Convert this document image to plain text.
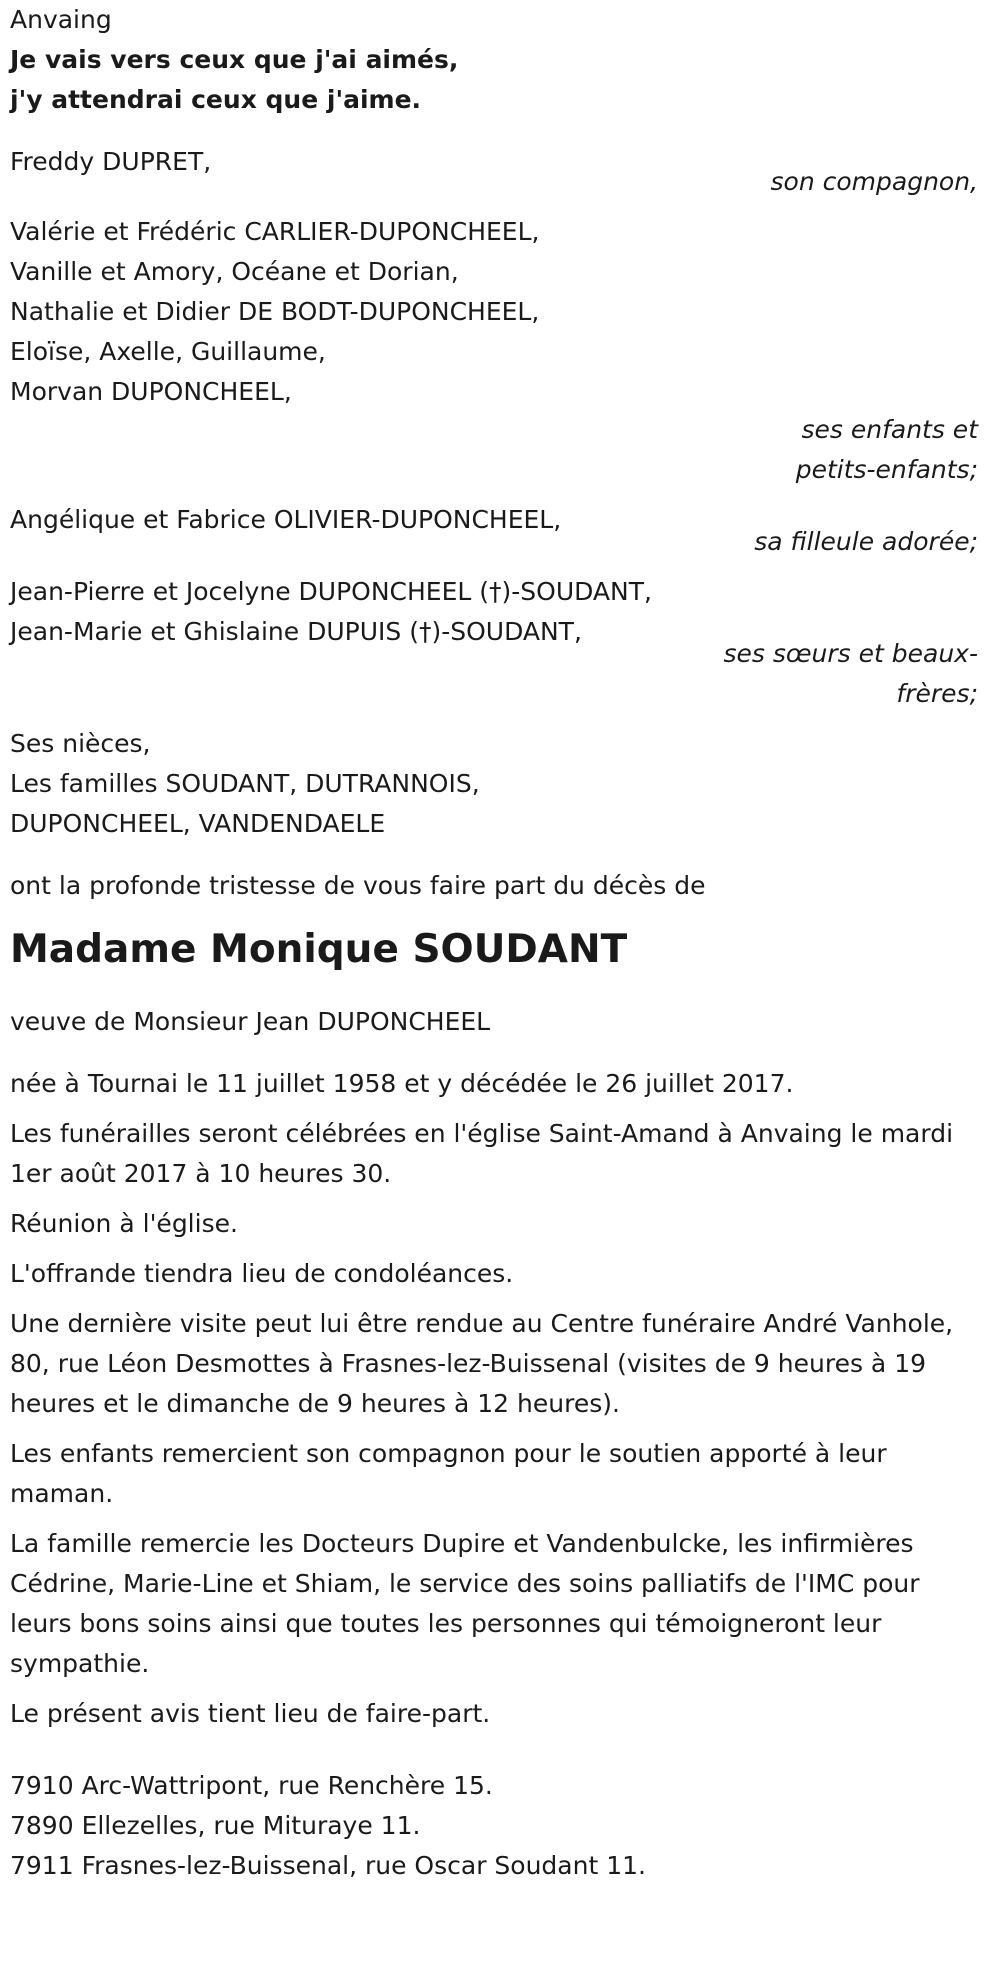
Anvaing
Je vais vers ceux que j'ai aimés,
j'y attendrai ceux que j'aime.
Freddy DUPRET,
son compagnon,
Valérie et Frédéric CARLIER-DUPONCHEEL,
Vanille et Amory, Océane et Dorian,
Nathalie et Didier DE BODT-DUPONCHEEL,
Eloïse, Axelle, Guillaume,
Morvan DUPONCHEEL,
ses enfants et
petits-enfants;
Angélique et Fabrice OLIVIER-DUPONCHEEL,
sa filleule adorée;
Jean-Pierre et Jocelyne DUPONCHEEL (†)-SOUDANT,
Jean-Marie et Ghislaine DUPUIS (†)-SOUDANT,
ses sœurs et beaux-
frères;
Ses nièces,
Les familles SOUDANT, DUTRANNOIS,
DUPONCHEEL, VANDENDAELE
ont la profonde tristesse de vous faire part du décès de
Madame Monique SOUDANT
veuve de Monsieur Jean DUPONCHEEL
née à Tournai le 11 juillet 1958 et y décédée le 26 juillet 2017.
Les funérailles seront célébrées en l'église Saint-Amand à Anvaing le mardi 1er août 2017 à 10 heures 30.
Réunion à l'église.
L'offrande tiendra lieu de condoléances.
Une dernière visite peut lui être rendue au Centre funéraire André Vanhole, 80, rue Léon Desmottes à Frasnes-lez-Buissenal (visites de 9 heures à 19 heures et le dimanche de 9 heures à 12 heures).
Les enfants remercient son compagnon pour le soutien apporté à leur maman.
La famille remercie les Docteurs Dupire et Vandenbulcke, les infirmières Cédrine, Marie-Line et Shiam, le service des soins palliatifs de l'IMC pour leurs bons soins ainsi que toutes les personnes qui témoigneront leur sympathie.
Le présent avis tient lieu de faire-part.
7910 Arc-Wattripont, rue Renchère 15.
7890 Ellezelles, rue Mituraye 11.
7911 Frasnes-lez-Buissenal, rue Oscar Soudant 11.
